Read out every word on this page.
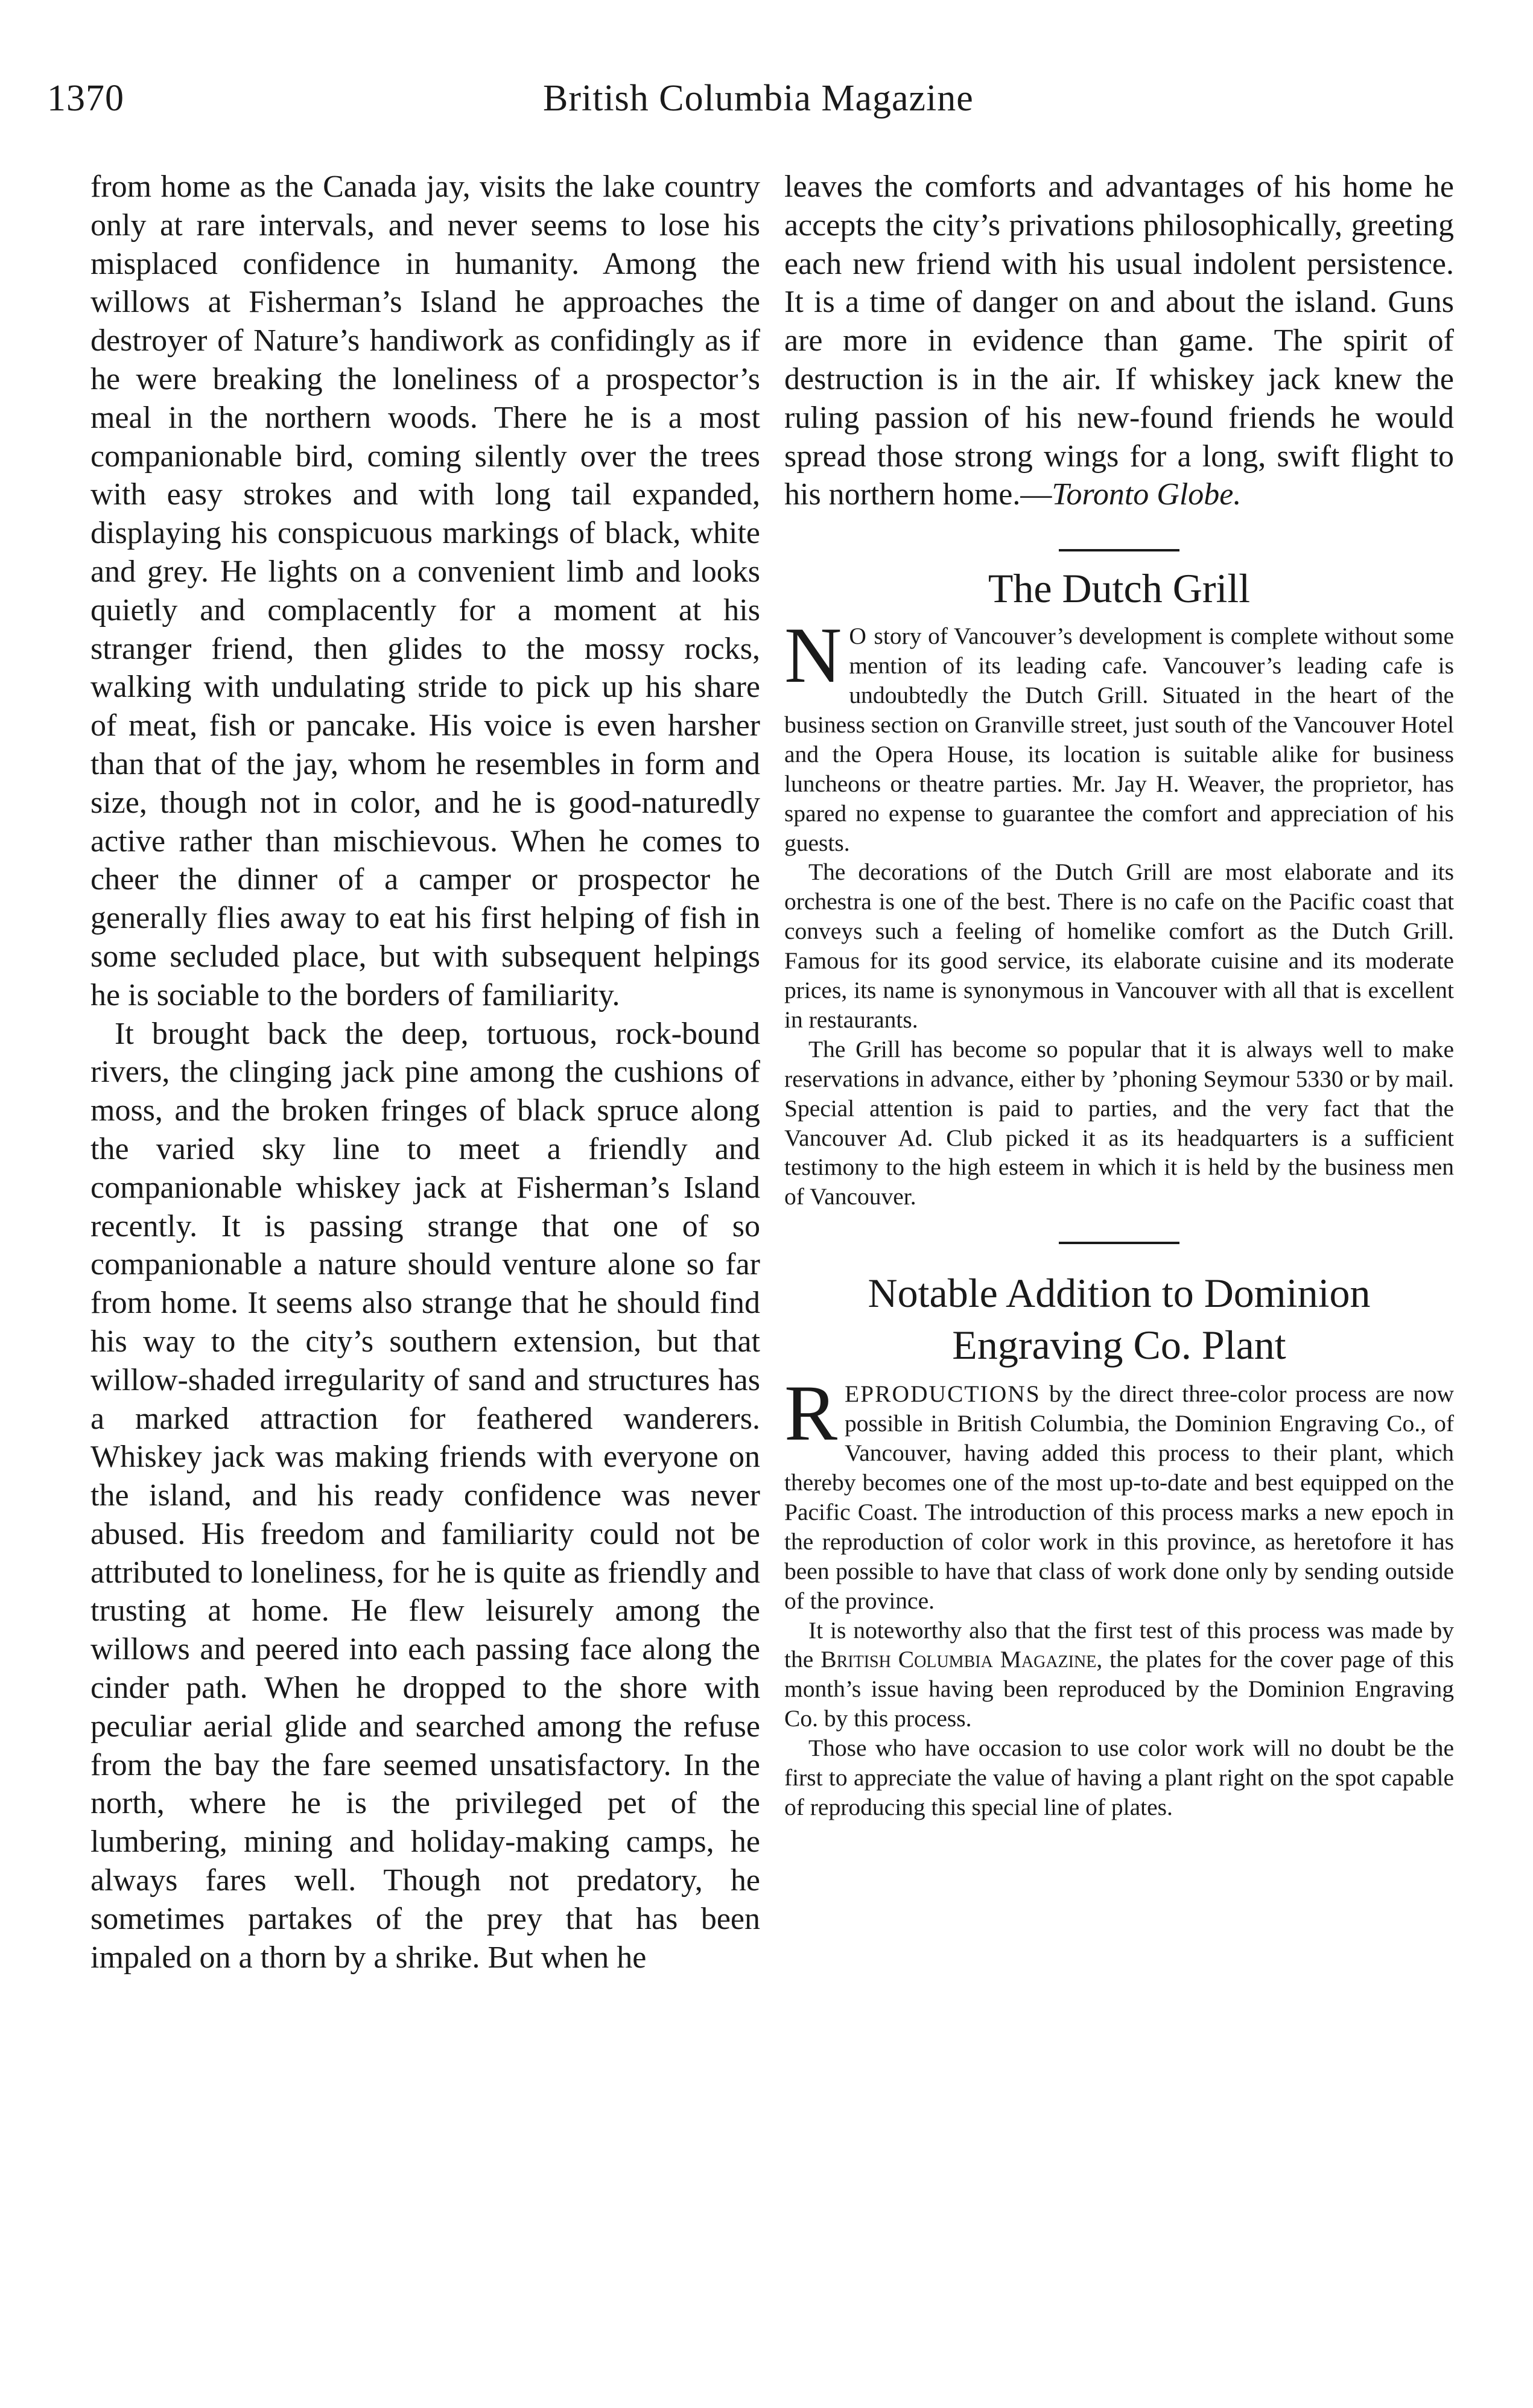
1370	British Columbia Magazine

from home as the Canada jay, visits the lake country only at rare intervals, and never seems to lose his misplaced confidence in humanity. Among the willows at Fisherman’s Island he approaches the destroyer of Nature’s handiwork as confidingly as if he were breaking the loneliness of a prospector’s meal in the northern woods. There he is a most companionable bird, coming silently over the trees with easy strokes and with long tail expanded, displaying his conspicuous markings of black, white and grey. He lights on a convenient limb and looks quietly and complacently for a moment at his stranger friend, then glides to the mossy rocks, walking with undulating stride to pick up his share of meat, fish or pancake. His voice is even harsher than that of the jay, whom he resembles in form and size, though not in color, and he is good-naturedly active rather than mischievous. When he comes to cheer the dinner of a camper or prospector he generally flies away to eat his first helping of fish in some secluded place, but with subsequent helpings he is sociable to the borders of familiarity.

It brought back the deep, tortuous, rock-bound rivers, the clinging jack pine among the cushions of moss, and the broken fringes of black spruce along the varied sky line to meet a friendly and companionable whiskey jack at Fisherman’s Island recently. It is passing strange that one of so companionable a nature should venture alone so far from home. It seems also strange that he should find his way to the city’s southern extension, but that willow-shaded irregularity of sand and structures has a marked attraction for feathered wanderers. Whiskey jack was making friends with everyone on the island, and his ready confidence was never abused. His freedom and familiarity could not be attributed to loneliness, for he is quite as friendly and trusting at home. He flew leisurely among the willows and peered into each passing face along the cinder path. When he dropped to the shore with peculiar aerial glide and searched among the refuse from the bay the fare seemed unsatisfactory. In the north, where he is the privileged pet of the lumbering, mining and holiday-making camps, he always fares well. Though not predatory, he sometimes partakes of the prey that has been impaled on a thorn by a shrike. But when he

leaves the comforts and advantages of his home he accepts the city’s privations philosophically, greeting each new friend with his usual indolent persistence. It is a time of danger on and about the island. Guns are more in evidence than game. The spirit of destruction is in the air. If whiskey jack knew the ruling passion of his new-found friends he would spread those strong wings for a long, swift flight to his northern home.—Toronto Globe.

The Dutch Grill

N O story of Vancouver’s development is complete without some mention of its leading cafe. Vancouver’s leading cafe is undoubtedly the Dutch Grill. Situated in the heart of the business section on Granville street, just south of the Vancouver Hotel and the Opera House, its location is suitable alike for business luncheons or theatre parties. Mr. Jay H. Weaver, the proprietor, has spared no expense to guarantee the comfort and appreciation of his guests.

The decorations of the Dutch Grill are most elaborate and its orchestra is one of the best. There is no cafe on the Pacific coast that conveys such a feeling of homelike comfort as the Dutch Grill. Famous for its good service, its elaborate cuisine and its moderate prices, its name is synonymous in Vancouver with all that is excellent in restaurants.

The Grill has become so popular that it is always well to make reservations in advance, either by ’phoning Seymour 5330 or by mail. Special attention is paid to parties, and the very fact that the Vancouver Ad. Club picked it as its headquarters is a sufficient testimony to the high esteem in which it is held by the business men of Vancouver.

Notable Addition to Dominion
Engraving Co. Plant

REPRODUCTIONS by the direct three-color process are now possible in British Columbia, the Dominion Engraving Co., of Vancouver, having added this process to their plant, which thereby becomes one of the most up-to-date and best equipped on the Pacific Coast. The introduction of this process marks a new epoch in the reproduction of color work in this province, as heretofore it has been possible to have that class of work done only by sending outside of the province.

It is noteworthy also that the first test of this process was made by the British Columbia Magazine, the plates for the cover page of this month’s issue having been reproduced by the Dominion Engraving Co. by this process.

Those who have occasion to use color work will no doubt be the first to appreciate the value of having a plant right on the spot capable of reproducing this special line of plates.
